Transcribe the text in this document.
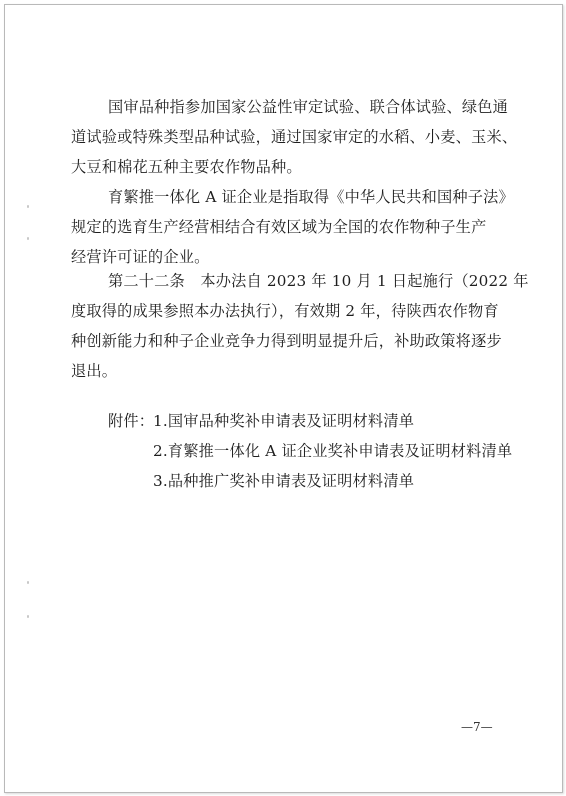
国审品种指参加国家公益性审定试验、联合体试验、绿色通
道试验或特殊类型品种试验，通过国家审定的水稻、小麦、玉米、
大豆和棉花五种主要农作物品种。
育繁推一体化 A 证企业是指取得《中华人民共和国种子法》
规定的选育生产经营相结合有效区域为全国的农作物种子生产
经营许可证的企业。
第二十二条　本办法自 2023 年 10 月 1 日起施行（2022 年
度取得的成果参照本办法执行），有效期 2 年，待陕西农作物育
种创新能力和种子企业竞争力得到明显提升后，补助政策将逐步
退出。
附件：
1.国审品种奖补申请表及证明材料清单
2.育繁推一体化 A 证企业奖补申请表及证明材料清单
3.品种推广奖补申请表及证明材料清单
—7—
